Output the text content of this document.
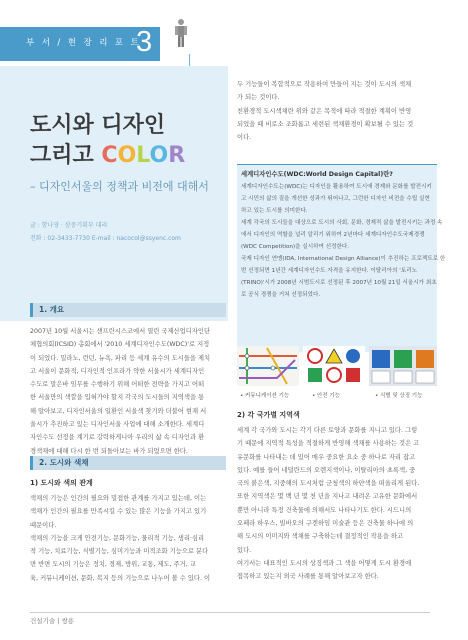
부 서 / 현 장 리 포 트
3
도시와 디자인
그리고 COLOR
– 디자인서울의 정책과 비전에 대해서
글 : 함나영 · 삼중기획부 대리
전화 : 02-3433-7730 E-mail : nacocol@ssyenc.com
1. 개요

2007년 10월 서울시는 샌프란시스코에서 열린 국제산업디자인단

체협의회(ICSID) 총회에서 '2010 세계디자인수도(WDC)'로 지정

이 되었다. 밀라노, 런던, 뉴욕, 파리 등 세계 유수의 도시들을 제치

고 서울이 문화적, 디자인적 인프라가 약한 서울시가 세계디자인

수도로 말은바 임무를 수행하기 위해 어떠한 전략을 가지고 어떠

한 서울만의 색깔을 입혀가야 할지 각국의 도시들의 지역색을 통

해 알아보고, 디자인서울의 일환인 서울색 찾기와 더불어 현재 서

울시가 추진하고 있는 디자인서울 사업에 대해 소개한다. 세계디

자인수도 선정을 계기로 강력하게니아 우리의 삶 속 디자인과 환

경색채에 대해 다시 한 번 되돌아보는 바가 되었으면 한다.

2. 도시와 색채
1) 도시와 색의 관계

색채의 기능은 인간의 필요와 밀접한 관계를 가지고 있는데, 이는

색채가 인간의 필요를 만족시킬 수 있는 많은 기능을 가지고 있기

때문이다.

색채의 기능을 크게 안전기능, 문화기능, 물리적 기능, 생리·심리

적 기능, 치료기능, 식별기능, 심미기능과 미적조화 기능으로 분다

면 반면 도시의 기능은 정치, 경제, 방위, 교통, 제도, 주거, 교

육, 커뮤니케이션, 문화, 복지 등의 기능으로 나누어 볼 수 있다. 이

두 기능들이 복합적으로 작용하여 만들어 지는 것이 도시의 색채

가 되는 것이다.

친환경적 도시색채란 위와 같은 목적에 따라 적절한 계획이 반영

되었을 때 비로소 조화롭고 세련된 색채환경이 확보될 수 있는 것

이다.

세계디자인수도(WDC:World Design Capital)란?

세계디자인수도는(WDC)는 디자인을 활용하여 도시에 경제와 문화를 발전시키

고 시민의 삶의 질을 개선한 성과가 뛰어나고, 그런한 디자인 비전을 수립 실현

하고 있는 도시를 의미한다.

세계 각국의 도시들을 대상으로 도시의 사회, 문화, 경제적 삶을 발전시키는 과정 속

에서 디자인의 역할을 널리 알리기 위하여 2년마다 세계디자인수도국제경쟁

(WDC Competition)을 실시하여 선정한다.

국제 디자인 연맹(IDA, International Design Alliance)이 추진하는 프로젝트로 한

번 선정되면 1년간 세계디자인수도 자격을 유지한다. 이탈리아의 '토리노

(TRINO)'시가 2008년 시범도시로 선정된 후 2007년 10월 21일 서울시가 최초

로 공식 경쟁을 거쳐 선정되었다.

• 커뮤니케이션 기능	• 안전 기능	• 식별 및 상징 기능
2) 각 국가별 지역색

세계 각 국가와 도시는 각기 다른 토양과 문화를 지니고 있다. 그렇

기 때문에 지역적 특성을 적절하게 반영해 색채를 사용하는 것은 고

유문화를 나타내는 데 있어 매우 중요한 요소 중 하나로 자리 잡고

있다. 예를 들어 네덜란드의 오렌지색이나, 이탈리아의 초록색, 중

국의 붉은색, 지중해의 도시처럼 군청색의 하얀색을 떠올리게 된다.

또한 지역색은 몇 백 년 몇 천 년을 지나고 내려온 고유한 문화에서

뿐만 아니라 특정 건축물에 의해서도 나타나기도 한다. 시드니의

오페라 하우스, 빌바오의 구겐하임 미술관 등은 건축물 하나에 의

해 도시의 이미지와 색채를 구축하는데 결정적인 작용을 하고

있다.

여기서는 대표적인 도시의 상징색과 그 색을 어떻게 도시 환경에

접목하고 있는지 외국 사례를 통해 알아보고자 한다.

건설기술 | 쌍용
